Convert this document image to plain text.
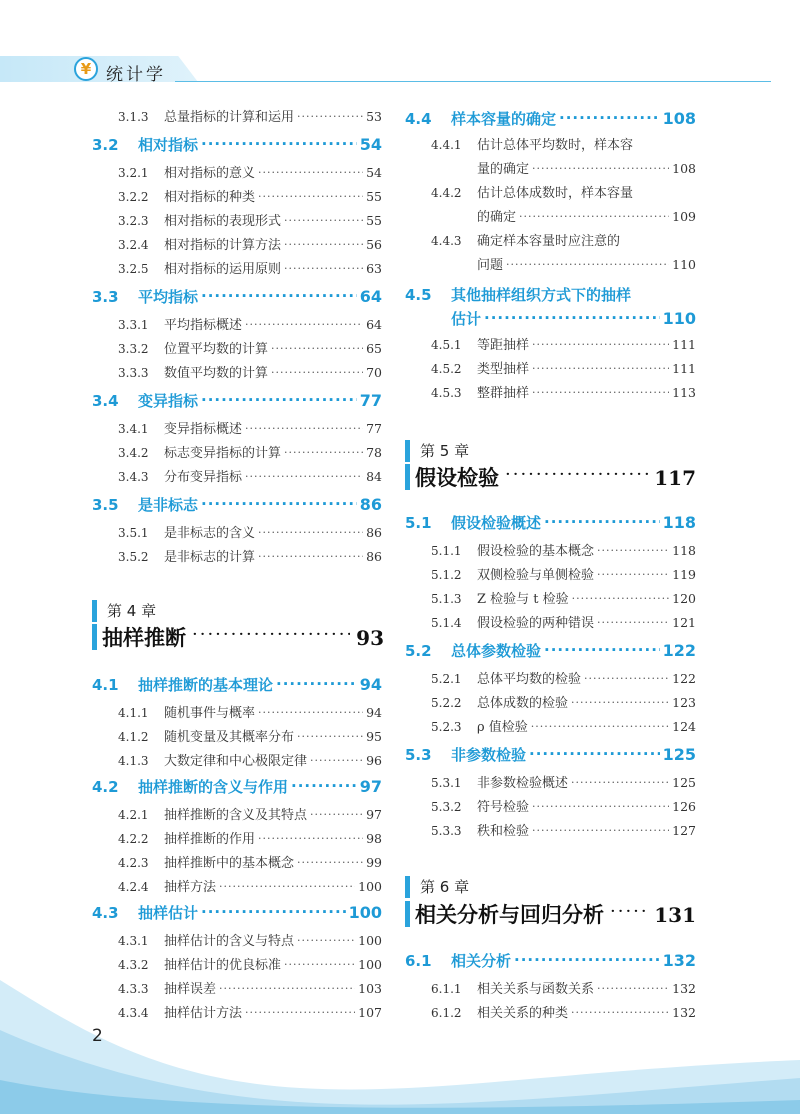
¥ 统计学
3.1.3	总量指标的计算和运用 ·····	53
3.2	相对指标 ·····	54
3.2.1	相对指标的意义 ·····	54
3.2.2	相对指标的种类 ·····	55
3.2.3	相对指标的表现形式 ·····	55
3.2.4	相对指标的计算方法 ·····	56
3.2.5	相对指标的运用原则 ·····	63
3.3	平均指标 ·····	64
3.3.1	平均指标概述 ·····	64
3.3.2	位置平均数的计算 ·····	65
3.3.3	数值平均数的计算 ·····	70
3.4	变异指标 ·····	77
3.4.1	变异指标概述 ·····	77
3.4.2	标志变异指标的计算 ·····	78
3.4.3	分布变异指标 ·····	84
3.5	是非标志 ·····	86
3.5.1	是非标志的含义 ·····	86
3.5.2	是非标志的计算 ·····	86
第 4 章
抽样推断 ·····	93
4.1	抽样推断的基本理论 ·····	94
4.1.1	随机事件与概率 ·····	94
4.1.2	随机变量及其概率分布 ·····	95
4.1.3	大数定律和中心极限定律 ·····	96
4.2	抽样推断的含义与作用 ·····	97
4.2.1	抽样推断的含义及其特点 ·····	97
4.2.2	抽样推断的作用 ·····	98
4.2.3	抽样推断中的基本概念 ·····	99
4.2.4	抽样方法 ·····	100
4.3	抽样估计 ·····	100
4.3.1	抽样估计的含义与特点 ·····	100
4.3.2	抽样估计的优良标准 ·····	100
4.3.3	抽样误差 ·····	103
4.3.4	抽样估计方法 ·····	107
4.4	样本容量的确定 ·····	108
4.4.1	估计总体平均数时，样本容
量的确定 ·····	108
4.4.2	估计总体成数时，样本容量
的确定 ·····	109
4.4.3	确定样本容量时应注意的
问题 ·····	110
4.5	其他抽样组织方式下的抽样
估计 ·····	110
4.5.1	等距抽样 ·····	111
4.5.2	类型抽样 ·····	111
4.5.3	整群抽样 ·····	113
第 5 章
假设检验 ·····	117
5.1	假设检验概述 ·····	118
5.1.1	假设检验的基本概念 ·····	118
5.1.2	双侧检验与单侧检验 ·····	119
5.1.3	Z 检验与 t 检验 ·····	120
5.1.4	假设检验的两种错误 ·····	121
5.2	总体参数检验 ·····	122
5.2.1	总体平均数的检验 ·····	122
5.2.2	总体成数的检验 ·····	123
5.2.3	ρ 值检验 ·····	124
5.3	非参数检验 ·····	125
5.3.1	非参数检验概述 ·····	125
5.3.2	符号检验 ·····	126
5.3.3	秩和检验 ·····	127
第 6 章
相关分析与回归分析 ·····	131
6.1	相关分析 ·····	132
6.1.1	相关关系与函数关系 ·····	132
6.1.2	相关关系的种类 ·····	132
2
